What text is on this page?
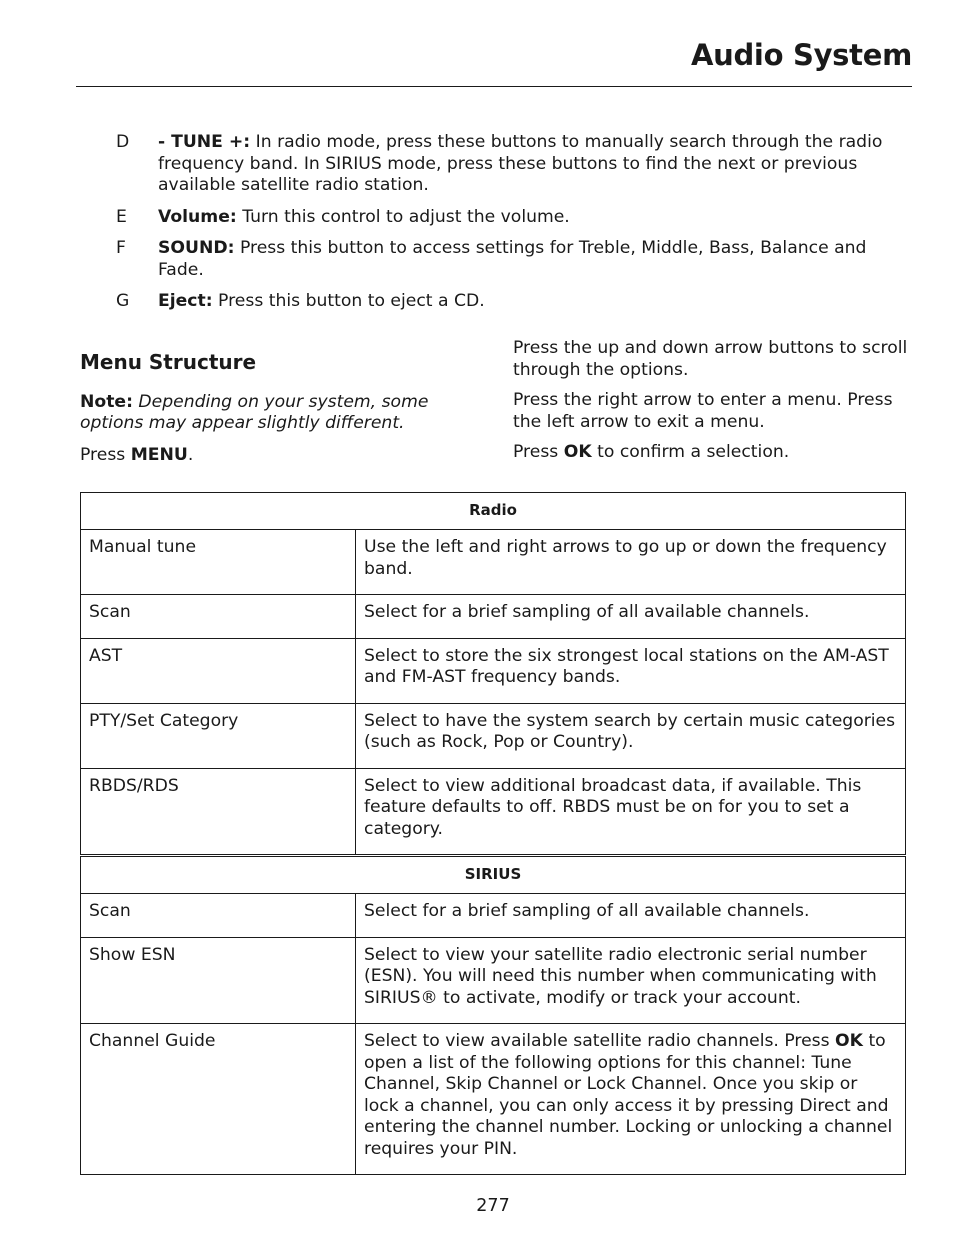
Audio System
D	- TUNE +: In radio mode, press these buttons to manually search through the radio frequency band. In SIRIUS mode, press these buttons to find the next or previous available satellite radio station.
E	Volume: Turn this control to adjust the volume.
F	SOUND: Press this button to access settings for Treble, Middle, Bass, Balance and Fade.
G	Eject: Press this button to eject a CD.
Menu Structure

Note: Depending on your system, some options may appear slightly different.

Press MENU.

Press the up and down arrow buttons to scroll through the options.

Press the right arrow to enter a menu. Press the left arrow to exit a menu.

Press OK to confirm a selection.

Radio	
Manual tune	Use the left and right arrows to go up or down the frequency band.
Scan	Select for a brief sampling of all available channels.
AST	Select to store the six strongest local stations on the AM-AST and FM-AST frequency bands.
PTY/Set Category	Select to have the system search by certain music categories (such as Rock, Pop or Country).
RBDS/RDS	Select to view additional broadcast data, if available. This feature defaults to off. RBDS must be on for you to set a category.
SIRIUS	
Scan	Select for a brief sampling of all available channels.
Show ESN	Select to view your satellite radio electronic serial number (ESN). You will need this number when communicating with SIRIUS® to activate, modify or track your account.
Channel Guide	Select to view available satellite radio channels. Press OK to open a list of the following options for this channel: Tune Channel, Skip Channel or Lock Channel. Once you skip or lock a channel, you can only access it by pressing Direct and entering the channel number. Locking or unlocking a channel requires your PIN.
277
